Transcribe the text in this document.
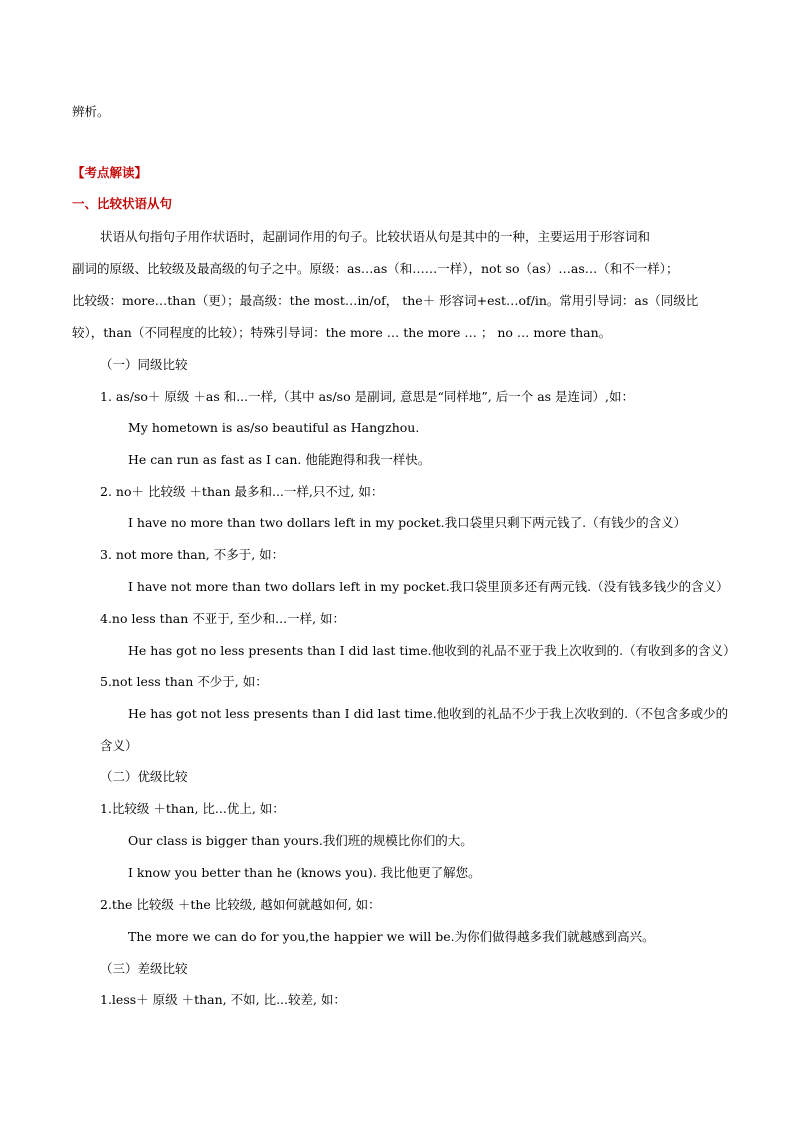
辨析。
【考点解读】
一、比较状语从句
状语从句指句子用作状语时，起副词作用的句子。比较状语从句是其中的一种，主要运用于形容词和
副词的原级、比较级及最高级的句子之中。原级：as…as（和……一样），not so（as）…as…（和不一样）；
比较级：more…than（更）；最高级：the most…in/of， the＋ 形容词+est…of/in。常用引导词：as（同级比
较），than（不同程度的比较）；特殊引导词：the more … the more … ； no … more than。
（一）同级比较
1. as/so＋ 原级 ＋as 和...一样,（其中 as/so 是副词, 意思是“同样地”, 后一个 as 是连词）,如：
My hometown is as/so beautiful as Hangzhou.
He can run as fast as I can. 他能跑得和我一样快。
2. no＋ 比较级 ＋than 最多和...一样,只不过, 如：
I have no more than two dollars left in my pocket.我口袋里只剩下两元钱了.（有钱少的含义）
3. not more than, 不多于, 如：
I have not more than two dollars left in my pocket.我口袋里顶多还有两元钱.（没有钱多钱少的含义）
4.no less than 不亚于, 至少和...一样, 如：
He has got no less presents than I did last time.他收到的礼品不亚于我上次收到的.（有收到多的含义）
5.not less than 不少于, 如：
He has got not less presents than I did last time.他收到的礼品不少于我上次收到的.（不包含多或少的
含义）
（二）优级比较
1.比较级 ＋than, 比...优上, 如：
Our class is bigger than yours.我们班的规模比你们的大。
I know you better than he (knows you). 我比他更了解您。
2.the 比较级 ＋the 比较级, 越如何就越如何, 如：
The more we can do for you,the happier we will be.为你们做得越多我们就越感到高兴。
（三）差级比较
1.less＋ 原级 ＋than, 不如, 比...较差, 如：
